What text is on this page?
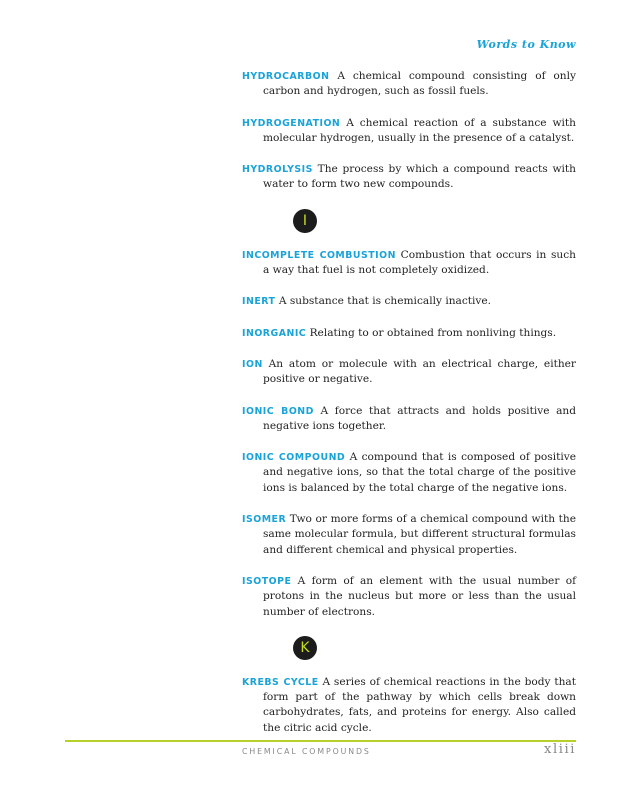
Words to Know
HYDROCARBON A chemical compound consisting of only carbon and hydrogen, such as fossil fuels.
HYDROGENATION A chemical reaction of a substance with molecular hydrogen, usually in the presence of a catalyst.
HYDROLYSIS The process by which a compound reacts with water to form two new compounds.
I
INCOMPLETE COMBUSTION Combustion that occurs in such a way that fuel is not completely oxidized.
INERT A substance that is chemically inactive.
INORGANIC Relating to or obtained from nonliving things.
ION An atom or molecule with an electrical charge, either positive or negative.
IONIC BOND A force that attracts and holds positive and negative ions together.
IONIC COMPOUND A compound that is composed of positive and negative ions, so that the total charge of the positive ions is balanced by the total charge of the negative ions.
ISOMER Two or more forms of a chemical compound with the same molecular formula, but different structural formulas and different chemical and physical properties.
ISOTOPE A form of an element with the usual number of protons in the nucleus but more or less than the usual number of electrons.
K
KREBS CYCLE A series of chemical reactions in the body that form part of the pathway by which cells break down carbohydrates, fats, and proteins for energy. Also called the citric acid cycle.
CHEMICAL COMPOUNDS	xliii
